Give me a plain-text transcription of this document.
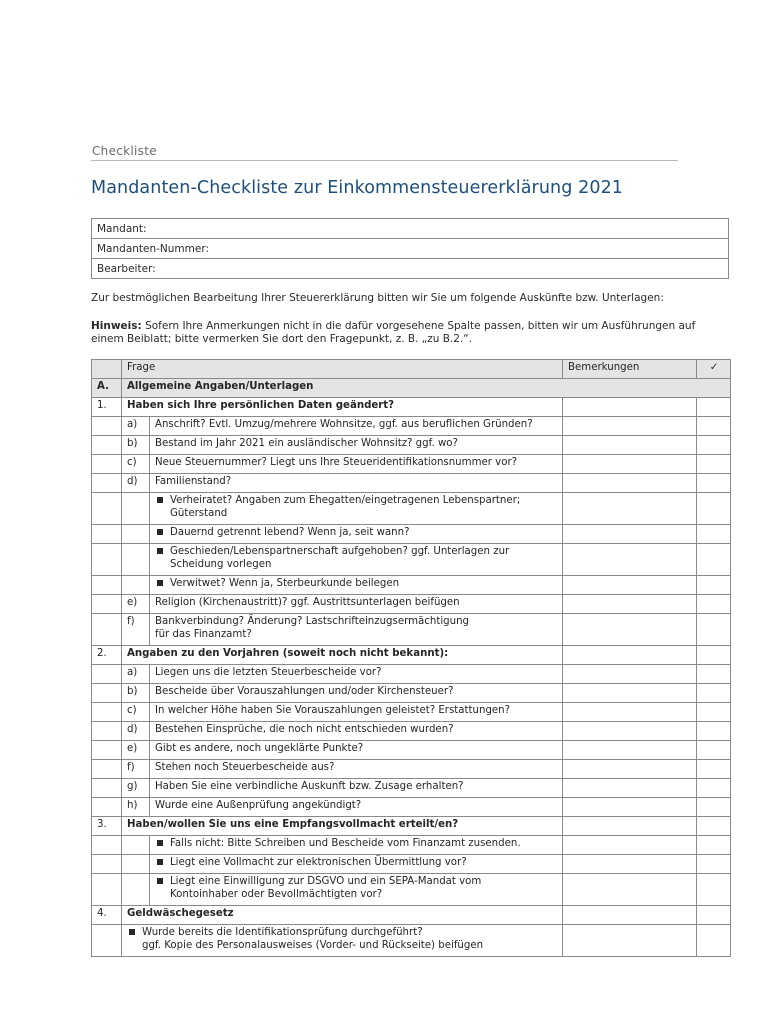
Checkliste
Mandanten-Checkliste zur Einkommensteuererklärung 2021
Mandant:
Mandanten-Nummer:
Bearbeiter:
Zur bestmöglichen Bearbeitung Ihrer Steuererklärung bitten wir Sie um folgende Auskünfte bzw. Unterlagen:
Hinweis: Sofern Ihre Anmerkungen nicht in die dafür vorgesehene Spalte passen, bitten wir um Ausführungen auf einem Beiblatt; bitte vermerken Sie dort den Fragepunkt, z. B. „zu B.2.“.
	Frage		Bemerkungen	✓
A.	Allgemeine Angaben/Unterlagen			
1.	Haben sich Ihre persönlichen Daten geändert?			
	a)	Anschrift? Evtl. Umzug/mehrere Wohnsitze, ggf. aus beruflichen Gründen?		
	b)	Bestand im Jahr 2021 ein ausländischer Wohnsitz? ggf. wo?		
	c)	Neue Steuernummer? Liegt uns Ihre Steueridentifikationsnummer vor?		
	d)	Familienstand?		
		Verheiratet? Angaben zum Ehegatten/eingetragenen Lebenspartner;
Güterstand		

		Dauernd getrennt lebend? Wenn ja, seit wann?		
		Geschieden/Lebenspartnerschaft aufgehoben? ggf. Unterlagen zur
Scheidung vorlegen		

		Verwitwet? Wenn ja, Sterbeurkunde beilegen		
	e)	Religion (Kirchenaustritt)? ggf. Austrittsunterlagen beifügen		
	f)	Bankverbindung? Änderung? Lastschrifteinzugsermächtigung
für das Finanzamt?		
2.	Angaben zu den Vorjahren (soweit noch nicht bekannt):			
	a)	Liegen uns die letzten Steuerbescheide vor?		
	b)	Bescheide über Vorauszahlungen und/oder Kirchensteuer?		
	c)	In welcher Höhe haben Sie Vorauszahlungen geleistet? Erstattungen?		
	d)	Bestehen Einsprüche, die noch nicht entschieden wurden?		
	e)	Gibt es andere, noch ungeklärte Punkte?		
	f)	Stehen noch Steuerbescheide aus?		
	g)	Haben Sie eine verbindliche Auskunft bzw. Zusage erhalten?		
	h)	Wurde eine Außenprüfung angekündigt?		
3.	Haben/wollen Sie uns eine Empfangsvollmacht erteilt/en?			
		Falls nicht: Bitte Schreiben und Bescheide vom Finanzamt zusenden.		
		Liegt eine Vollmacht zur elektronischen Übermittlung vor?		
		Liegt eine Einwilligung zur DSGVO und ein SEPA-Mandat vom
Kontoinhaber oder Bevollmächtigten vor?		

4.	Geldwäschegesetz			
	Wurde bereits die Identifikationsprüfung durchgeführt?
ggf. Kopie des Personalausweises (Vorder- und Rückseite) beifügen			
